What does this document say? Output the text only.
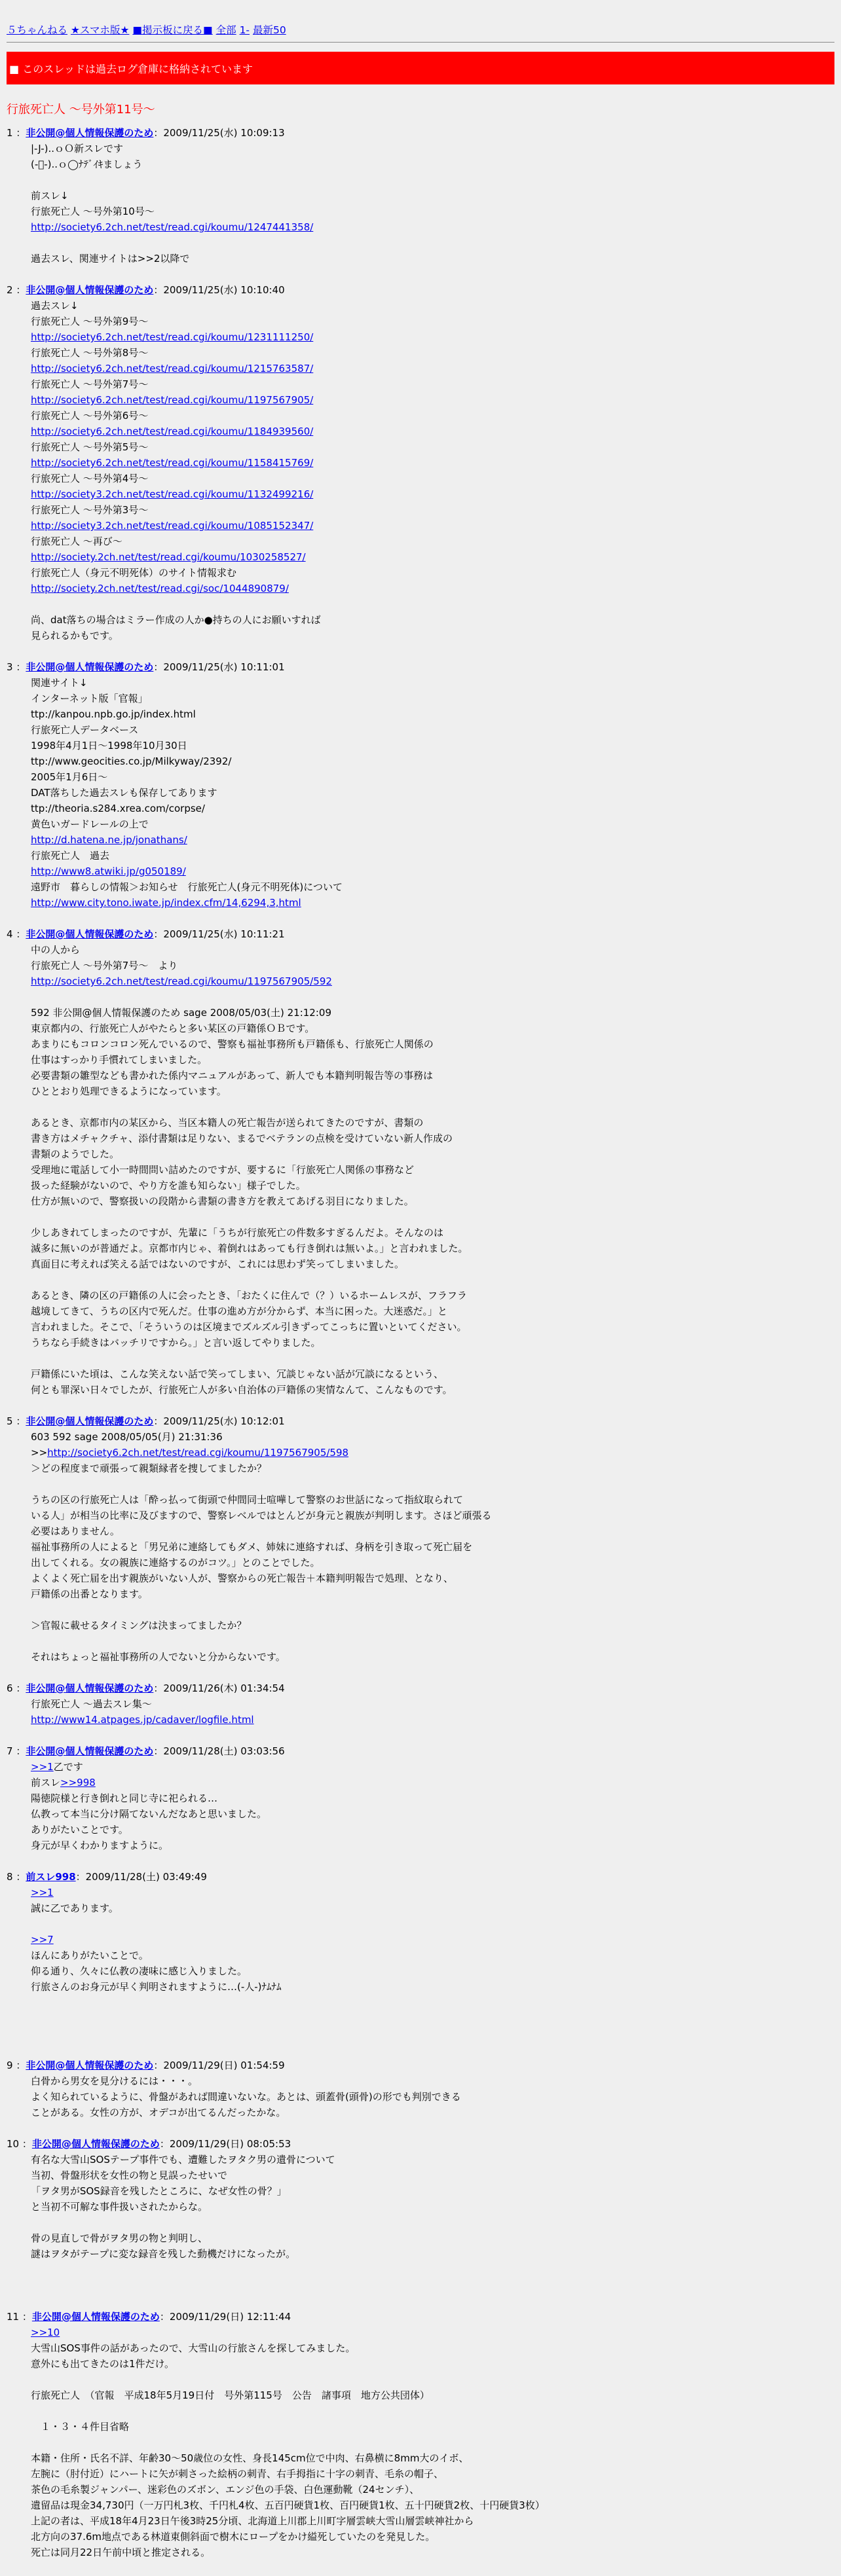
５ちゃんねる ★スマホ版★ ■掲示板に戻る■ 全部 1- 最新50
■ このスレッドは過去ログ倉庫に格納されています
行旅死亡人 〜号外第11号〜
1 ：非公開@個人情報保護のため：2009/11/25(水) 10:09:13
|-J-)..ｏＯ新スレです
(-ﾞ-)..ｏ◯ﾅﾃﾞｲｷましょう

前スレ↓
行旅死亡人 〜号外第10号〜
http://society6.2ch.net/test/read.cgi/koumu/1247441358/

過去スレ、関連サイトは>>2以降で
2 ：非公開@個人情報保護のため：2009/11/25(水) 10:10:40
過去スレ↓
行旅死亡人 〜号外第9号〜
http://society6.2ch.net/test/read.cgi/koumu/1231111250/
行旅死亡人 〜号外第8号〜
http://society6.2ch.net/test/read.cgi/koumu/1215763587/
行旅死亡人 〜号外第7号〜
http://society6.2ch.net/test/read.cgi/koumu/1197567905/
行旅死亡人 〜号外第6号〜
http://society6.2ch.net/test/read.cgi/koumu/1184939560/
行旅死亡人 〜号外第5号〜
http://society6.2ch.net/test/read.cgi/koumu/1158415769/
行旅死亡人 〜号外第4号〜
http://society3.2ch.net/test/read.cgi/koumu/1132499216/
行旅死亡人 〜号外第3号〜
http://society3.2ch.net/test/read.cgi/koumu/1085152347/
行旅死亡人 〜再び〜
http://society.2ch.net/test/read.cgi/koumu/1030258527/
行旅死亡人（身元不明死体）のサイト情報求む
http://society.2ch.net/test/read.cgi/soc/1044890879/

尚、dat落ちの場合はミラー作成の人か●持ちの人にお願いすれば
見られるかもです。
3 ：非公開@個人情報保護のため：2009/11/25(水) 10:11:01
関連サイト↓
インターネット版「官報」
ttp://kanpou.npb.go.jp/index.html
行旅死亡人データベース
1998年4月1日〜1998年10月30日
ttp://www.geocities.co.jp/Milkyway/2392/
2005年1月6日〜
DAT落ちした過去スレも保存してあります
ttp://theoria.s284.xrea.com/corpse/
黄色いガードレールの上で
http://d.hatena.ne.jp/jonathans/
行旅死亡人　過去
http://www8.atwiki.jp/g050189/
遠野市　暮らしの情報＞お知らせ　行旅死亡人(身元不明死体)について
http://www.city.tono.iwate.jp/index.cfm/14,6294,3,html
4 ：非公開@個人情報保護のため：2009/11/25(水) 10:11:21
中の人から
行旅死亡人 〜号外第7号〜　より
http://society6.2ch.net/test/read.cgi/koumu/1197567905/592

592 非公開@個人情報保護のため sage 2008/05/03(土) 21:12:09
東京都内の、行旅死亡人がやたらと多い某区の戸籍係ＯＢです。
あまりにもコロンコロン死んでいるので、警察も福祉事務所も戸籍係も、行旅死亡人関係の
仕事はすっかり手慣れてしまいました。
必要書類の雛型なども書かれた係内マニュアルがあって、新人でも本籍判明報告等の事務は
ひととおり処理できるようになっています。

あるとき、京都市内の某区から、当区本籍人の死亡報告が送られてきたのですが、書類の
書き方はメチャクチャ、添付書類は足りない、まるでベテランの点検を受けていない新人作成の
書類のようでした。
受理地に電話して小一時間問い詰めたのですが、要するに「行旅死亡人関係の事務など
扱った経験がないので、やり方を誰も知らない」様子でした。
仕方が無いので、警察扱いの段階から書類の書き方を教えてあげる羽目になりました。

少しあきれてしまったのですが、先輩に「うちが行旅死亡の件数多すぎるんだよ。そんなのは
滅多に無いのが普通だよ。京都市内じゃ、着倒れはあっても行き倒れは無いよ。」と言われました。
真面目に考えれば笑える話ではないのですが、これには思わず笑ってしまいました。

あるとき、隣の区の戸籍係の人に会ったとき、「おたくに住んで（？）いるホームレスが、フラフラ
越境してきて、うちの区内で死んだ。仕事の進め方が分からず、本当に困った。大迷惑だ。」と
言われました。そこで、「そういうのは区境までズルズル引きずってこっちに置いといてください。
うちなら手続きはバッチリですから。」と言い返してやりました。

戸籍係にいた頃は、こんな笑えない話で笑ってしまい、冗談じゃない話が冗談になるという、
何とも罪深い日々でしたが、行旅死亡人が多い自治体の戸籍係の実情なんて、こんなものです。
5 ：非公開@個人情報保護のため：2009/11/25(水) 10:12:01
603 592 sage 2008/05/05(月) 21:31:36
>>http://society6.2ch.net/test/read.cgi/koumu/1197567905/598
＞どの程度まで頑張って親類縁者を捜してましたか？

うちの区の行旅死亡人は「酔っ払って街頭で仲間同士喧嘩して警察のお世話になって指紋取られて
いる人」が相当の比率に及びますので、警察レベルではとんどが身元と親族が判明します。さほど頑張る
必要はありません。
福祉事務所の人によると「男兄弟に連絡してもダメ、姉妹に連絡すれば、身柄を引き取って死亡届を
出してくれる。女の親族に連絡するのがコツ。」とのことでした。
よくよく死亡届を出す親族がいない人が、警察からの死亡報告＋本籍判明報告で処理、となり、
戸籍係の出番となります。

＞官報に載せるタイミングは決まってましたか？

それはちょっと福祉事務所の人でないと分からないです。
6 ：非公開@個人情報保護のため：2009/11/26(木) 01:34:54
行旅死亡人 〜過去スレ集〜
http://www14.atpages.jp/cadaver/logfile.html
7 ：非公開@個人情報保護のため：2009/11/28(土) 03:03:56
>>1乙です
前スレ>>998
陽徳院様と行き倒れと同じ寺に祀られる…
仏教って本当に分け隔てないんだなあと思いました。
ありがたいことです。
身元が早くわかりますように。
8 ：前スレ998：2009/11/28(土) 03:49:49
>>1
誠に乙であります。

>>7
ほんにありがたいことで。
仰る通り、久々に仏教の凄味に感じ入りました。
行旅さんのお身元が早く判明されますように…(-人-)ﾅﾑﾅﾑ

9 ：非公開@個人情報保護のため：2009/11/29(日) 01:54:59
白骨から男女を見分けるには・・・。
よく知られているように、骨盤があれば間違いないな。あとは、頭蓋骨(頭骨)の形でも判別できる
ことがある。女性の方が、オデコが出てるんだったかな。
10 ：非公開@個人情報保護のため：2009/11/29(日) 08:05:53
有名な大雪山SOSテープ事件でも、遭難したヲタク男の遺骨について
当初、骨盤形状を女性の物と見誤ったせいで
「ヲタ男がSOS録音を残したところに、なぜ女性の骨？」
と当初不可解な事件扱いされたからな。

骨の見直しで骨がヲタ男の物と判明し、
謎はヲタがテープに変な録音を残した動機だけになったが。

11 ：非公開@個人情報保護のため：2009/11/29(日) 12:11:44
>>10
大雪山SOS事件の話があったので、大雪山の行旅さんを探してみました。
意外にも出てきたのは1件だけ。

行旅死亡人　（官報　平成18年5月19日付　号外第115号　公告　諸事項　地方公共団体）

　１・３・４件目省略

本籍・住所・氏名不詳、年齢30〜50歳位の女性、身長145cm位で中肉、右鼻横に8mm大のイボ、
左腕に（肘付近）にハートに矢が刺さった絵柄の刺青、右手拇指に十字の刺青、毛糸の帽子、
茶色の毛糸製ジャンパー、迷彩色のズボン、エンジ色の手袋、白色運動靴（24センチ）、
遺留品は現金34,730円（一万円札3枚、千円札4枚、五百円硬貨1枚、百円硬貨1枚、五十円硬貨2枚、十円硬貨3枚）
上記の者は、平成18年4月23日午後3時25分頃、北海道上川郡上川町字層雲峡大雪山層雲峡神社から
北方向の37.6m地点である林道東側斜面で樹木にロープをかけ縊死していたのを発見した。
死亡は同月22日午前中頃と推定される。
